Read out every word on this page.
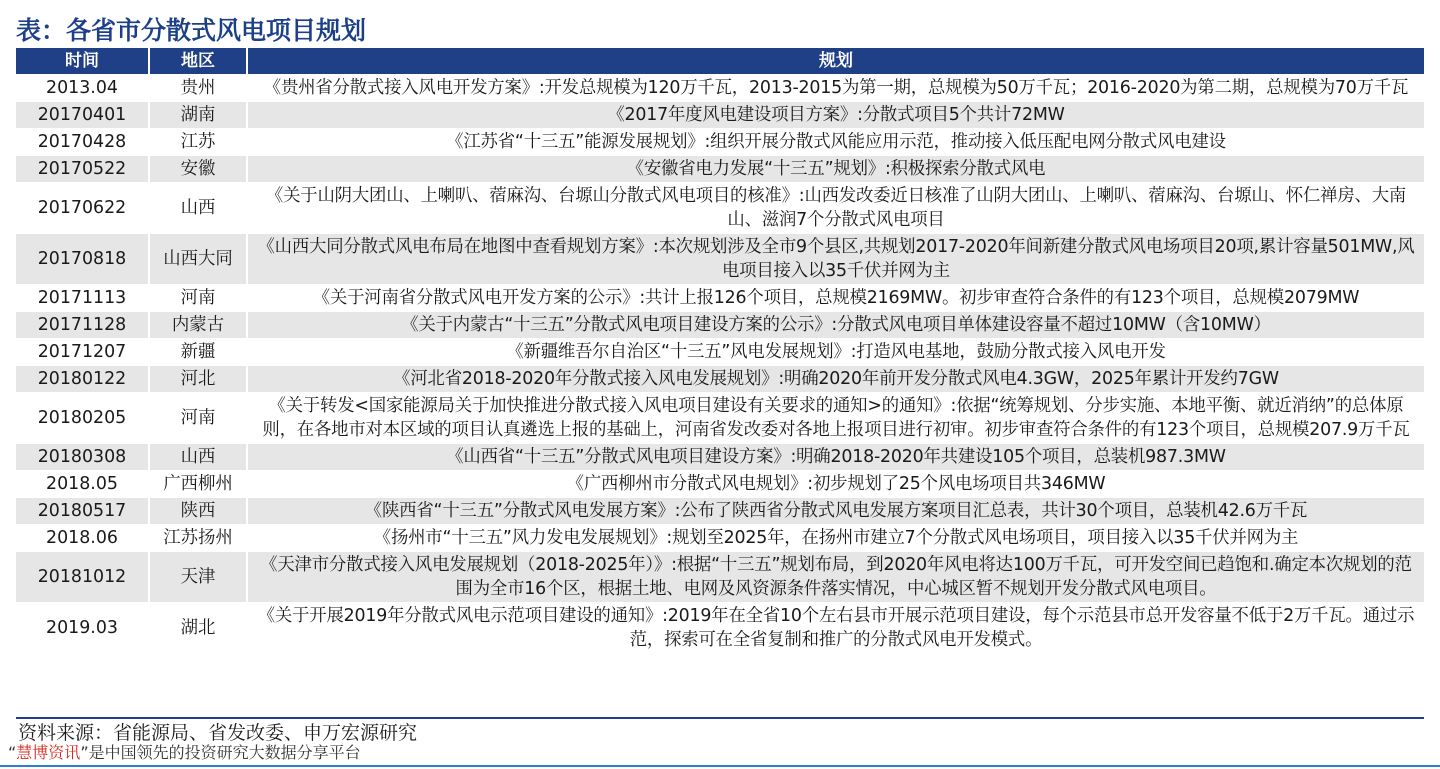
表：各省市分散式风电项目规划
时间	地区	规划
2013.04	贵州	《贵州省分散式接入风电开发方案》:开发总规模为120万千瓦，2013-2015为第一期，总规模为50万千瓦；2016-2020为第二期，总规模为70万千瓦
20170401	湖南	《2017年度风电建设项目方案》:分散式项目5个共计72MW
20170428	江苏	《江苏省“十三五”能源发展规划》:组织开展分散式风能应用示范，推动接入低压配电网分散式风电建设
20170522	安徽	《安徽省电力发展“十三五”规划》:积极探索分散式风电
20170622	山西	《关于山阴大团山、上喇叭、蓿麻沟、台塬山分散式风电项目的核准》:山西发改委近日核准了山阴大团山、上喇叭、蓿麻沟、台塬山、怀仁禅房、大南山、滋润7个分散式风电项目
20170818	山西大同	《山西大同分散式风电布局在地图中查看规划方案》:本次规划涉及全市9个县区,共规划2017-2020年间新建分散式风电场项目20项,累计容量501MW,风电项目接入以35千伏并网为主
20171113	河南	《关于河南省分散式风电开发方案的公示》:共计上报126个项目，总规模2169MW。初步审查符合条件的有123个项目，总规模2079MW
20171128	内蒙古	《关于内蒙古“十三五”分散式风电项目建设方案的公示》:分散式风电项目单体建设容量不超过10MW（含10MW）
20171207	新疆	《新疆维吾尔自治区“十三五”风电发展规划》:打造风电基地，鼓励分散式接入风电开发
20180122	河北	《河北省2018-2020年分散式接入风电发展规划》:明确2020年前开发分散式风电4.3GW，2025年累计开发约7GW
20180205	河南	《关于转发<国家能源局关于加快推进分散式接入风电项目建设有关要求的通知>的通知》:依据“统筹规划、分步实施、本地平衡、就近消纳”的总体原则，在各地市对本区域的项目认真遴选上报的基础上，河南省发改委对各地上报项目进行初审。初步审查符合条件的有123个项目，总规模207.9万千瓦
20180308	山西	《山西省“十三五”分散式风电项目建设方案》:明确2018-2020年共建设105个项目，总装机987.3MW
2018.05	广西柳州	《广西柳州市分散式风电规划》:初步规划了25个风电场项目共346MW
20180517	陕西	《陕西省“十三五”分散式风电发展方案》:公布了陕西省分散式风电发展方案项目汇总表，共计30个项目，总装机42.6万千瓦
2018.06	江苏扬州	《扬州市“十三五”风力发电发展规划》:规划至2025年，在扬州市建立7个分散式风电场项目，项目接入以35千伏并网为主
20181012	天津	《天津市分散式接入风电发展规划（2018-2025年）》:根据“十三五”规划布局，到2020年风电将达100万千瓦，可开发空间已趋饱和.确定本次规划的范围为全市16个区，根据土地、电网及风资源条件落实情况，中心城区暂不规划开发分散式风电项目。
2019.03	湖北	《关于开展2019年分散式风电示范项目建设的通知》:2019年在全省10个左右县市开展示范项目建设，每个示范县市总开发容量不低于2万千瓦。通过示范，探索可在全省复制和推广的分散式风电开发模式。
资料来源：省能源局、省发改委、申万宏源研究
“慧博资讯”是中国领先的投资研究大数据分享平台
